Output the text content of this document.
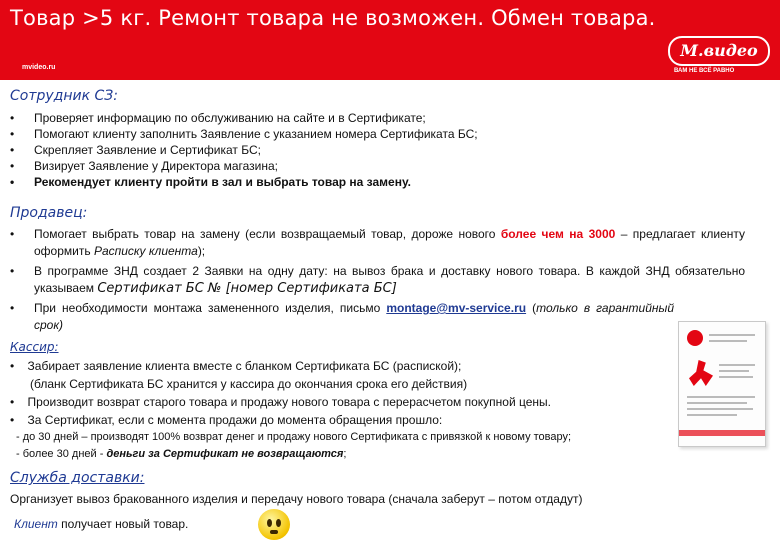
Товар >5 кг. Ремонт товара не возможен. Обмен товара.
mvideo.ru
М.видео
ВАМ НЕ ВСЁ РАВНО
Сотрудник СЗ:
• Проверяет информацию по обслуживанию на сайте и в Сертификате;
• Помогают клиенту заполнить Заявление с указанием номера Сертификата БС;
• Скрепляет Заявление и Сертификат БС;
• Визирует Заявление у Директора магазина;
• Рекомендует клиенту пройти в зал и выбрать товар на замену.
Продавец:
• Помогает выбрать товар на замену (если возвращаемый товар, дороже нового более чем на 3000 – предлагает клиенту оформить Расписку клиента);
• В программе ЗНД создает 2 Заявки на одну дату: на вывоз брака и доставку нового товара. В каждой ЗНД обязательно указываем Сертификат БС № [номер Сертификата БС]
• При необходимости монтажа замененного изделия, письмо montage@mv-service.ru (только в гарантийный срок)
Кассир:
•    Забирает заявление клиента вместе с бланком Сертификата БС (распиской);
(бланк Сертификата БС хранится у кассира до окончания срока его действия)
•    Производит возврат старого товара и продажу нового товара с перерасчетом покупной цены.
•    За Сертификат, если с момента продажи до момента обращения прошло:
- до 30 дней – производят 100% возврат денег и продажу нового Сертификата с привязкой к новому товару;
- более 30 дней - деньги за Сертификат не возвращаются;
Служба доставки:
Организует вывоз бракованного изделия и передачу нового товара (сначала заберут – потом отдадут)
Клиент получает новый товар.
